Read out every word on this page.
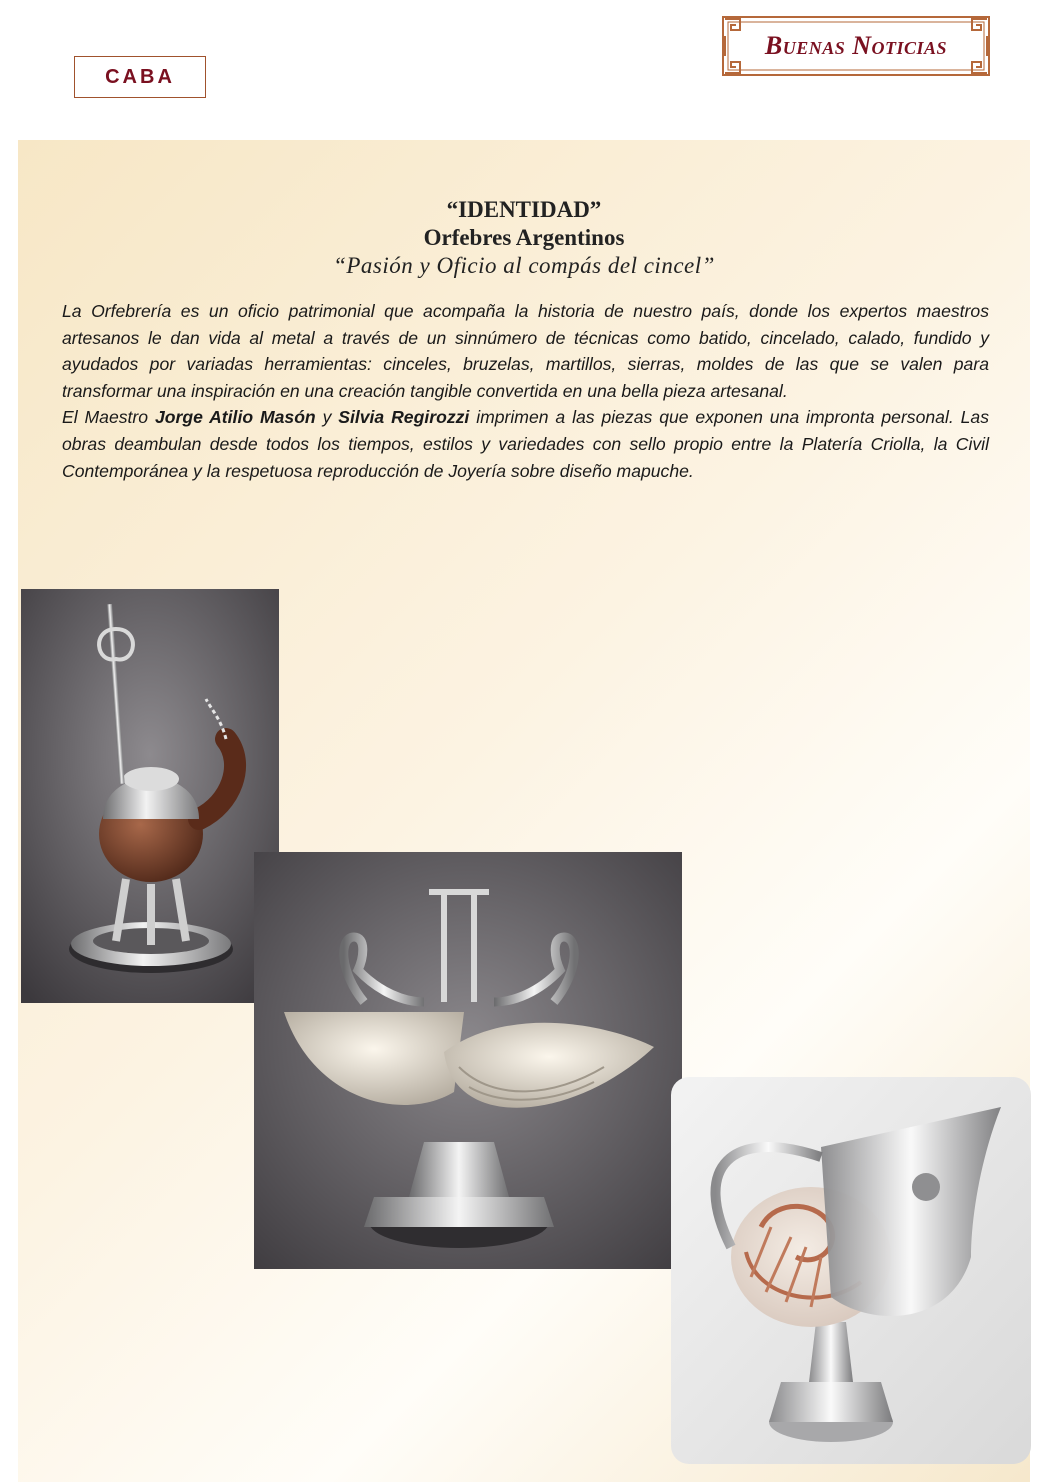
CABA
Buenas Noticias
“IDENTIDAD”
Orfebres Argentinos
“Pasión y Oficio al compás del cincel”

La Orfebrería es un oficio patrimonial que acompaña la historia de nuestro país, donde los expertos maestros artesanos le dan vida al metal a través de un sinnúmero de técnicas como batido, cincelado, calado, fundido y ayudados por variadas herramientas: cinceles, bruzelas, martillos, sierras, moldes de las que se valen para transformar una inspiración en una creación tangible convertida en una bella pieza artesanal.

El Maestro Jorge Atilio Masón y Silvia Regirozzi imprimen a las piezas que exponen una impronta personal. Las obras deambulan desde todos los tiempos, estilos y variedades con sello propio entre la Platería Criolla, la Civil Contemporánea y la respetuosa reproducción de Joyería sobre diseño mapuche.
